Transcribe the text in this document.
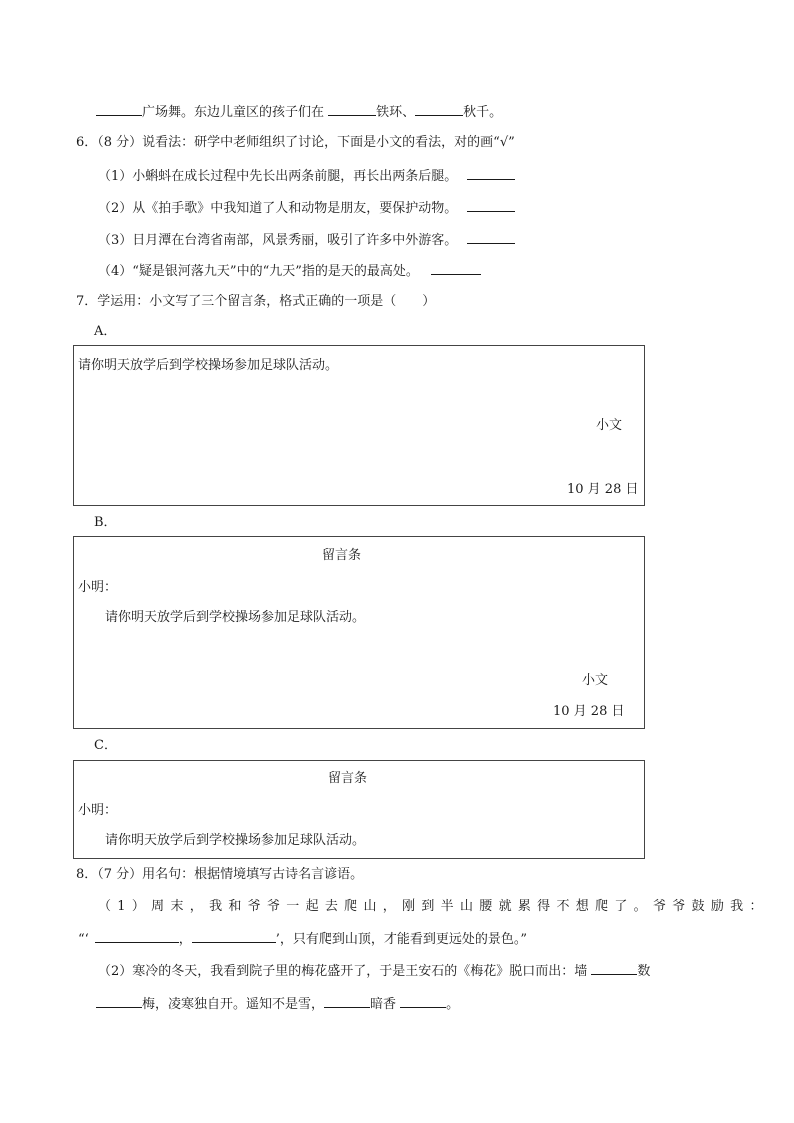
广场舞。东边儿童区的孩子们在	铁环、	秋千。
6．（8 分）说看法：研学中老师组织了讨论，下面是小文的看法，对的画“√”
（1）小蝌蚪在成长过程中先长出两条前腿，再长出两条后腿。
（2）从《拍手歌》中我知道了人和动物是朋友，要保护动物。
（3）日月潭在台湾省南部，风景秀丽，吸引了许多中外游客。
（4）“疑是银河落九天”中的“九天”指的是天的最高处。
7．学运用：小文写了三个留言条，格式正确的一项是（　　）
A．
请你明天放学后到学校操场参加足球队活动。
小文
10 月 28 日
B．
留言条
小明：
请你明天放学后到学校操场参加足球队活动。
小文
10 月 28 日
C．
留言条
小明：
请你明天放学后到学校操场参加足球队活动。
8．（7 分）用名句：根据情境填写古诗名言谚语。
（1）周末，我和爷爷一起去爬山，刚到半山腰就累得不想爬了。爷爷鼓励我：
“‘	，	’，只有爬到山顶，才能看到更远处的景色。”
（2）寒冷的冬天，我看到院子里的梅花盛开了，于是王安石的《梅花》脱口而出：墙	数
梅，凌寒独自开。遥知不是雪，	暗香	。
